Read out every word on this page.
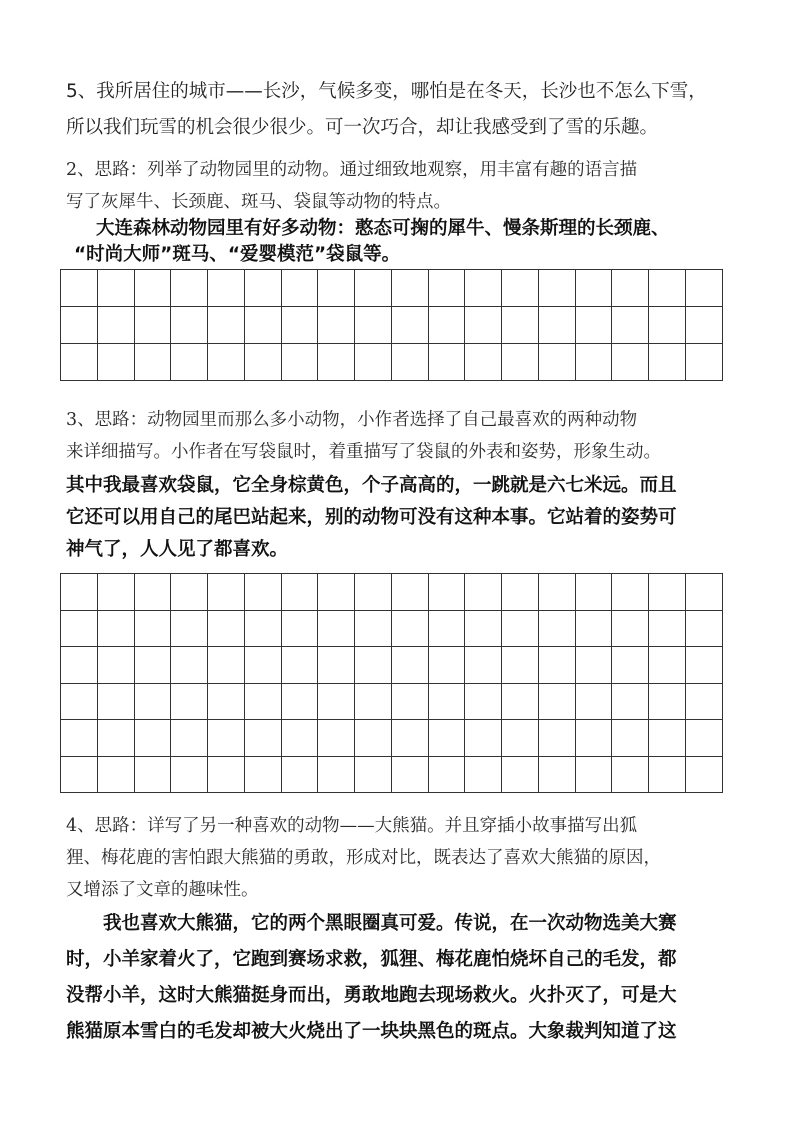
5、我所居住的城市——长沙，气候多变，哪怕是在冬天，长沙也不怎么下雪，
所以我们玩雪的机会很少很少。可一次巧合，却让我感受到了雪的乐趣。
2、思路：列举了动物园里的动物。通过细致地观察，用丰富有趣的语言描
写了灰犀牛、长颈鹿、斑马、袋鼠等动物的特点。
大连森林动物园里有好多动物：憨态可掬的犀牛、慢条斯理的长颈鹿、
“时尚大师”斑马、“爱婴模范”袋鼠等。

3、思路：动物园里而那么多小动物，小作者选择了自己最喜欢的两种动物
来详细描写。小作者在写袋鼠时，着重描写了袋鼠的外表和姿势，形象生动。
其中我最喜欢袋鼠，它全身棕黄色，个子高高的，一跳就是六七米远。而且
它还可以用自己的尾巴站起来，别的动物可没有这种本事。它站着的姿势可
神气了，人人见了都喜欢。

4、思路：详写了另一种喜欢的动物——大熊猫。并且穿插小故事描写出狐
狸、梅花鹿的害怕跟大熊猫的勇敢，形成对比，既表达了喜欢大熊猫的原因，
又增添了文章的趣味性。
我也喜欢大熊猫，它的两个黑眼圈真可爱。传说，在一次动物选美大赛
时，小羊家着火了，它跑到赛场求救，狐狸、梅花鹿怕烧坏自己的毛发，都
没帮小羊，这时大熊猫挺身而出，勇敢地跑去现场救火。火扑灭了，可是大
熊猫原本雪白的毛发却被大火烧出了一块块黑色的斑点。大象裁判知道了这
